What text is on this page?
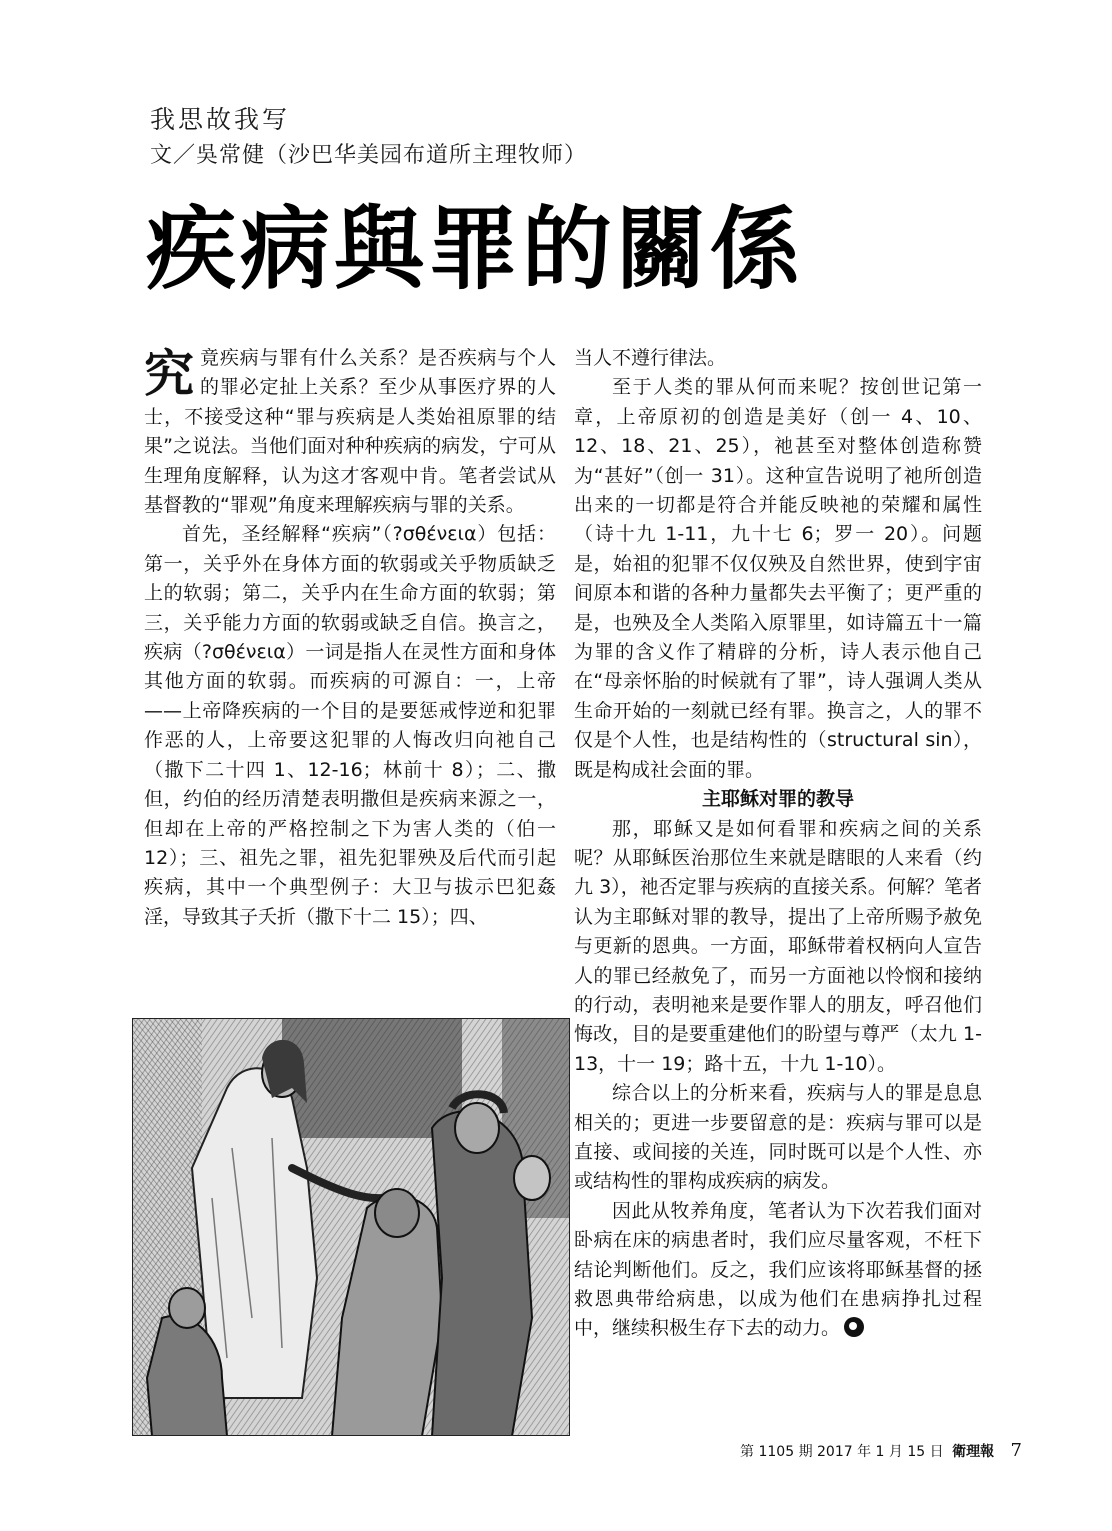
我思故我写
文／吳常健（沙巴华美园布道所主理牧师）
疾病與罪的關係

究竟疾病与罪有什么关系？是否疾病与个人的罪必定扯上关系？至少从事医疗界的人士，不接受这种“罪与疾病是人类始祖原罪的结果”之说法。当他们面对种种疾病的病发，宁可从生理角度解释，认为这才客观中肯。笔者尝试从基督教的“罪观”角度来理解疾病与罪的关系。

首先，圣经解释“疾病”（?σθένεια）包括：第一，关乎外在身体方面的软弱或关乎物质缺乏上的软弱；第二，关乎内在生命方面的软弱；第三，关乎能力方面的软弱或缺乏自信。换言之，疾病（?σθένεια）一词是指人在灵性方面和身体其他方面的软弱。而疾病的可源自：一，上帝——上帝降疾病的一个目的是要惩戒悖逆和犯罪作恶的人，上帝要这犯罪的人悔改归向祂自己（撒下二十四 1、12-16；林前十 8）；二、撒但，约伯的经历清楚表明撒但是疾病来源之一，但却在上帝的严格控制之下为害人类的（伯一 12）；三、祖先之罪，祖先犯罪殃及后代而引起疾病，其中一个典型例子：大卫与拔示巴犯姦淫，导致其子夭折（撒下十二 15）；四、

当人不遵行律法。

至于人类的罪从何而来呢？按创世记第一章，上帝原初的创造是美好（创一 4、10、12、18、21、25），祂甚至对整体创造称赞为“甚好”（创一 31）。这种宣告说明了祂所创造出来的一切都是符合并能反映祂的荣耀和属性（诗十九 1-11，九十七 6；罗一 20）。问题是，始祖的犯罪不仅仅殃及自然世界，使到宇宙间原本和谐的各种力量都失去平衡了；更严重的是，也殃及全人类陷入原罪里，如诗篇五十一篇为罪的含义作了精辟的分析，诗人表示他自己在“母亲怀胎的时候就有了罪”，诗人强调人类从生命开始的一刻就已经有罪。换言之，人的罪不仅是个人性，也是结构性的（structural sin），既是构成社会面的罪。

主耶稣对罪的教导

那，耶稣又是如何看罪和疾病之间的关系呢？从耶稣医治那位生来就是瞎眼的人来看（约九 3），祂否定罪与疾病的直接关系。何解？笔者认为主耶稣对罪的教导，提出了上帝所赐予赦免与更新的恩典。一方面，耶稣带着权柄向人宣告人的罪已经赦免了，而另一方面祂以怜悯和接纳的行动，表明祂来是要作罪人的朋友，呼召他们悔改，目的是要重建他们的盼望与尊严（太九 1-13，十一 19；路十五，十九 1-10）。

综合以上的分析来看，疾病与人的罪是息息相关的；更进一步要留意的是：疾病与罪可以是直接、或间接的关连，同时既可以是个人性、亦或结构性的罪构成疾病的病发。

因此从牧养角度，笔者认为下次若我们面对卧病在床的病患者时，我们应尽量客观，不枉下结论判断他们。反之，我们应该将耶稣基督的拯救恩典带给病患，以成为他们在患病挣扎过程中，继续积极生存下去的动力。

第 1105 期 2017 年 1 月 15 日 衛理報 7
